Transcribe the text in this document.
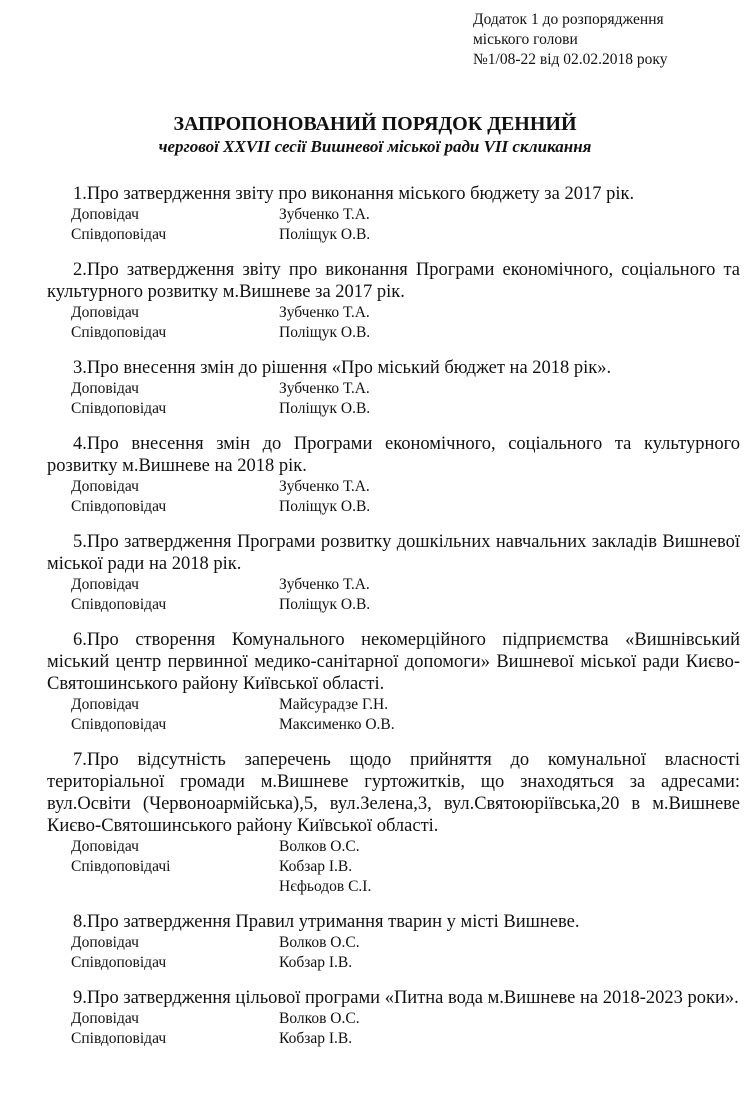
Додаток 1 до розпорядження
міського голови
№1/08-22 від 02.02.2018 року
ЗАПРОПОНОВАНИЙ ПОРЯДОК ДЕННИЙ
чергової XXVII сесії Вишневої міської ради VII скликання
1.Про затвердження звіту про виконання міського бюджету за 2017 рік.
Доповідач	Зубченко Т.А.
Співдоповідач	Поліщук О.В.
2.Про затвердження звіту про виконання Програми економічного, соціального та культурного розвитку м.Вишневе за 2017 рік.
Доповідач	Зубченко Т.А.
Співдоповідач	Поліщук О.В.
3.Про внесення змін до рішення «Про міський бюджет на 2018 рік».
Доповідач	Зубченко Т.А.
Співдоповідач	Поліщук О.В.
4.Про внесення змін до Програми економічного, соціального та культурного розвитку м.Вишневе на 2018 рік.
Доповідач	Зубченко Т.А.
Співдоповідач	Поліщук О.В.
5.Про затвердження Програми розвитку дошкільних навчальних закладів Вишневої міської ради на 2018 рік.
Доповідач	Зубченко Т.А.
Співдоповідач	Поліщук О.В.
6.Про створення Комунального некомерційного підприємства «Вишнівський міський центр первинної медико-санітарної допомоги» Вишневої міської ради Києво-Святошинського району Київської області.
Доповідач	Майсурадзе Г.Н.
Співдоповідач	Максименко О.В.
7.Про відсутність заперечень щодо прийняття до комунальної власності територіальної громади м.Вишневе гуртожитків, що знаходяться за адресами: вул.Освіти (Червоноармійська),5, вул.Зелена,3, вул.Святоюріївська,20 в м.Вишневе Києво-Святошинського району Київської області.
Доповідач	Волков О.С.
Співдоповідачі	Кобзар І.В.
Нєфьодов С.І.
8.Про затвердження Правил утримання тварин у місті Вишневе.
Доповідач	Волков О.С.
Співдоповідач	Кобзар І.В.
9.Про затвердження цільової програми «Питна вода м.Вишневе на 2018-2023 роки».
Доповідач	Волков О.С.
Співдоповідач	Кобзар І.В.
